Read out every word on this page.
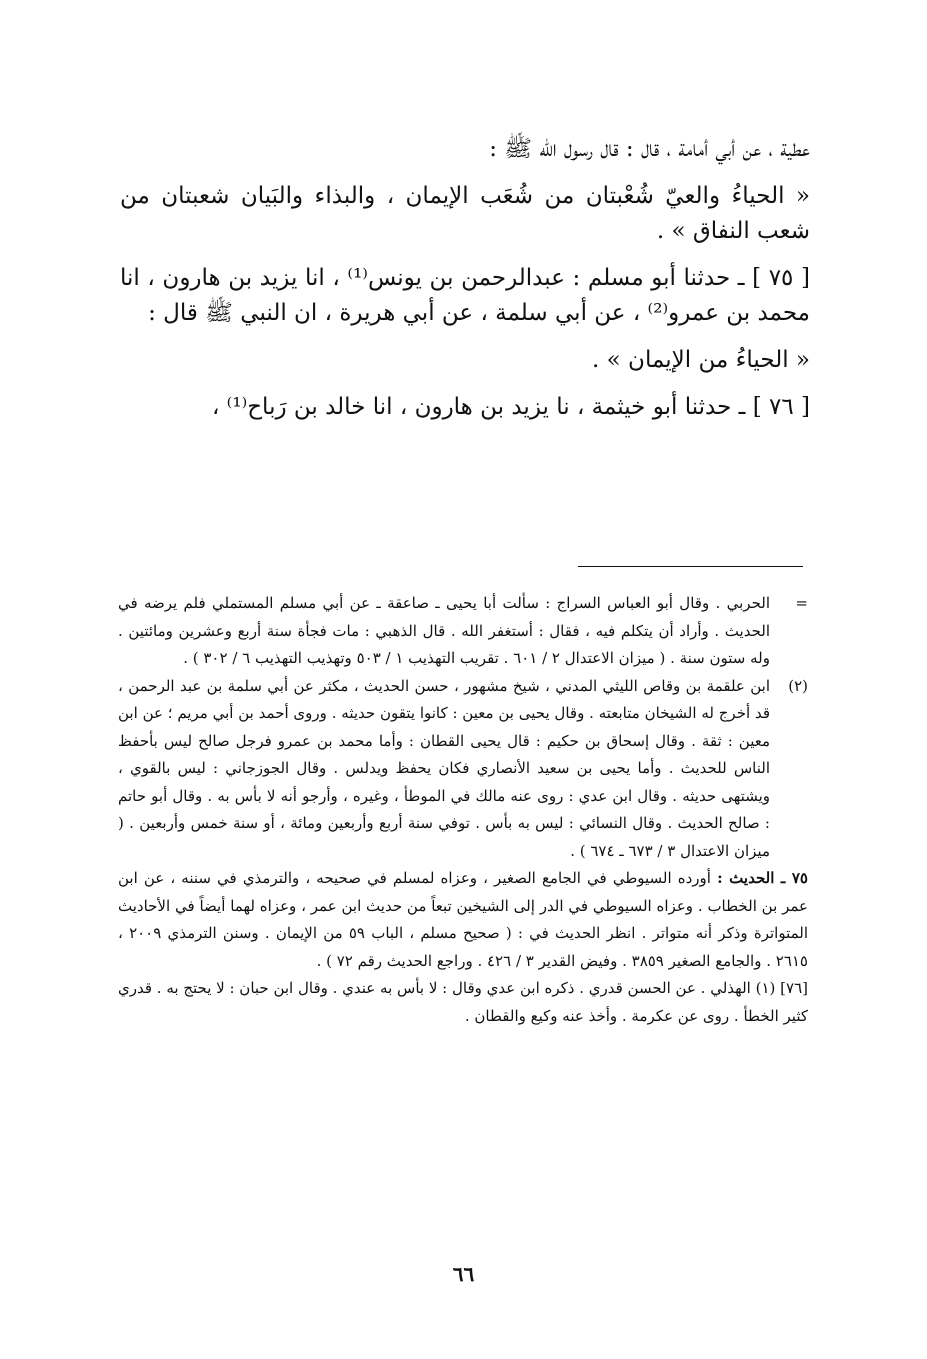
عطية ، عن أبي أمامة ، قال : قال رسول الله ﷺ :

« الحياءُ والعيّ شُعْبتان من شُعَب الإيمان ، والبذاء والبَيان شعبتان من شعب النفاق » .

[ ٧٥ ] ـ حدثنا أبو مسلم : عبدالرحمن بن يونس⁽¹⁾ ، انا يزيد بن هارون ، انا محمد بن عمرو⁽²⁾ ، عن أبي سلمة ، عن أبي هريرة ، ان النبي ﷺ قال :

« الحياءُ من الإيمان » .

[ ٧٦ ] ـ حدثنا أبو خيثمة ، نا يزيد بن هارون ، انا خالد بن رَباح⁽¹⁾ ،

=الحربي . وقال أبو العباس السراج : سألت أبا يحيى ـ صاعقة ـ عن أبي مسلم المستملي فلم يرضه في الحديث . وأراد أن يتكلم فيه ، فقال : أستغفر الله . قال الذهبي : مات فجأة سنة أربع وعشرين ومائتين . وله ستون سنة . ( ميزان الاعتدال ٢ / ٦٠١ . تقريب التهذيب ١ / ٥٠٣ وتهذيب التهذيب ٦ / ٣٠٢ ) .

(٢)ابن علقمة بن وقاص الليثي المدني ، شيخ مشهور ، حسن الحديث ، مكثر عن أبي سلمة بن عبد الرحمن ، قد أخرج له الشيخان متابعته . وقال يحيى بن معين : كانوا يتقون حديثه . وروى أحمد بن أبي مريم ؛ عن ابن معين : ثقة . وقال إسحاق بن حكيم : قال يحيى القطان : وأما محمد بن عمرو فرجل صالح ليس بأحفظ الناس للحديث . وأما يحيى بن سعيد الأنصاري فكان يحفظ ويدلس . وقال الجوزجاني : ليس بالقوي ، ويشتهى حديثه . وقال ابن عدي : روى عنه مالك في الموطأ ، وغيره ، وأرجو أنه لا بأس به . وقال أبو حاتم : صالح الحديث . وقال النسائي : ليس به بأس . توفي سنة أربع وأربعين ومائة ، أو سنة خمس وأربعين . ( ميزان الاعتدال ٣ / ٦٧٣ ـ ٦٧٤ ) .

٧٥ ـ الحديث : أورده السيوطي في الجامع الصغير ، وعزاه لمسلم في صحيحه ، والترمذي في سننه ، عن ابن عمر بن الخطاب . وعزاه السيوطي في الدر إلى الشيخين تبعاً من حديث ابن عمر ، وعزاه لهما أيضاً في الأحاديث المتواترة وذكر أنه متواتر . انظر الحديث في : ( صحيح مسلم ، الباب ٥٩ من الإيمان . وسنن الترمذي ٢٠٠٩ ، ٢٦١٥ . والجامع الصغير ٣٨٥٩ . وفيض القدير ٣ / ٤٢٦ . وراجع الحديث رقم ٧٢ ) .

[٧٦] (١) الهذلي . عن الحسن قدري . ذكره ابن عدي وقال : لا بأس به عندي . وقال ابن حبان : لا يحتج به . قدري كثير الخطأ . روى عن عكرمة . وأخذ عنه وكيع والقطان .

٦٦
